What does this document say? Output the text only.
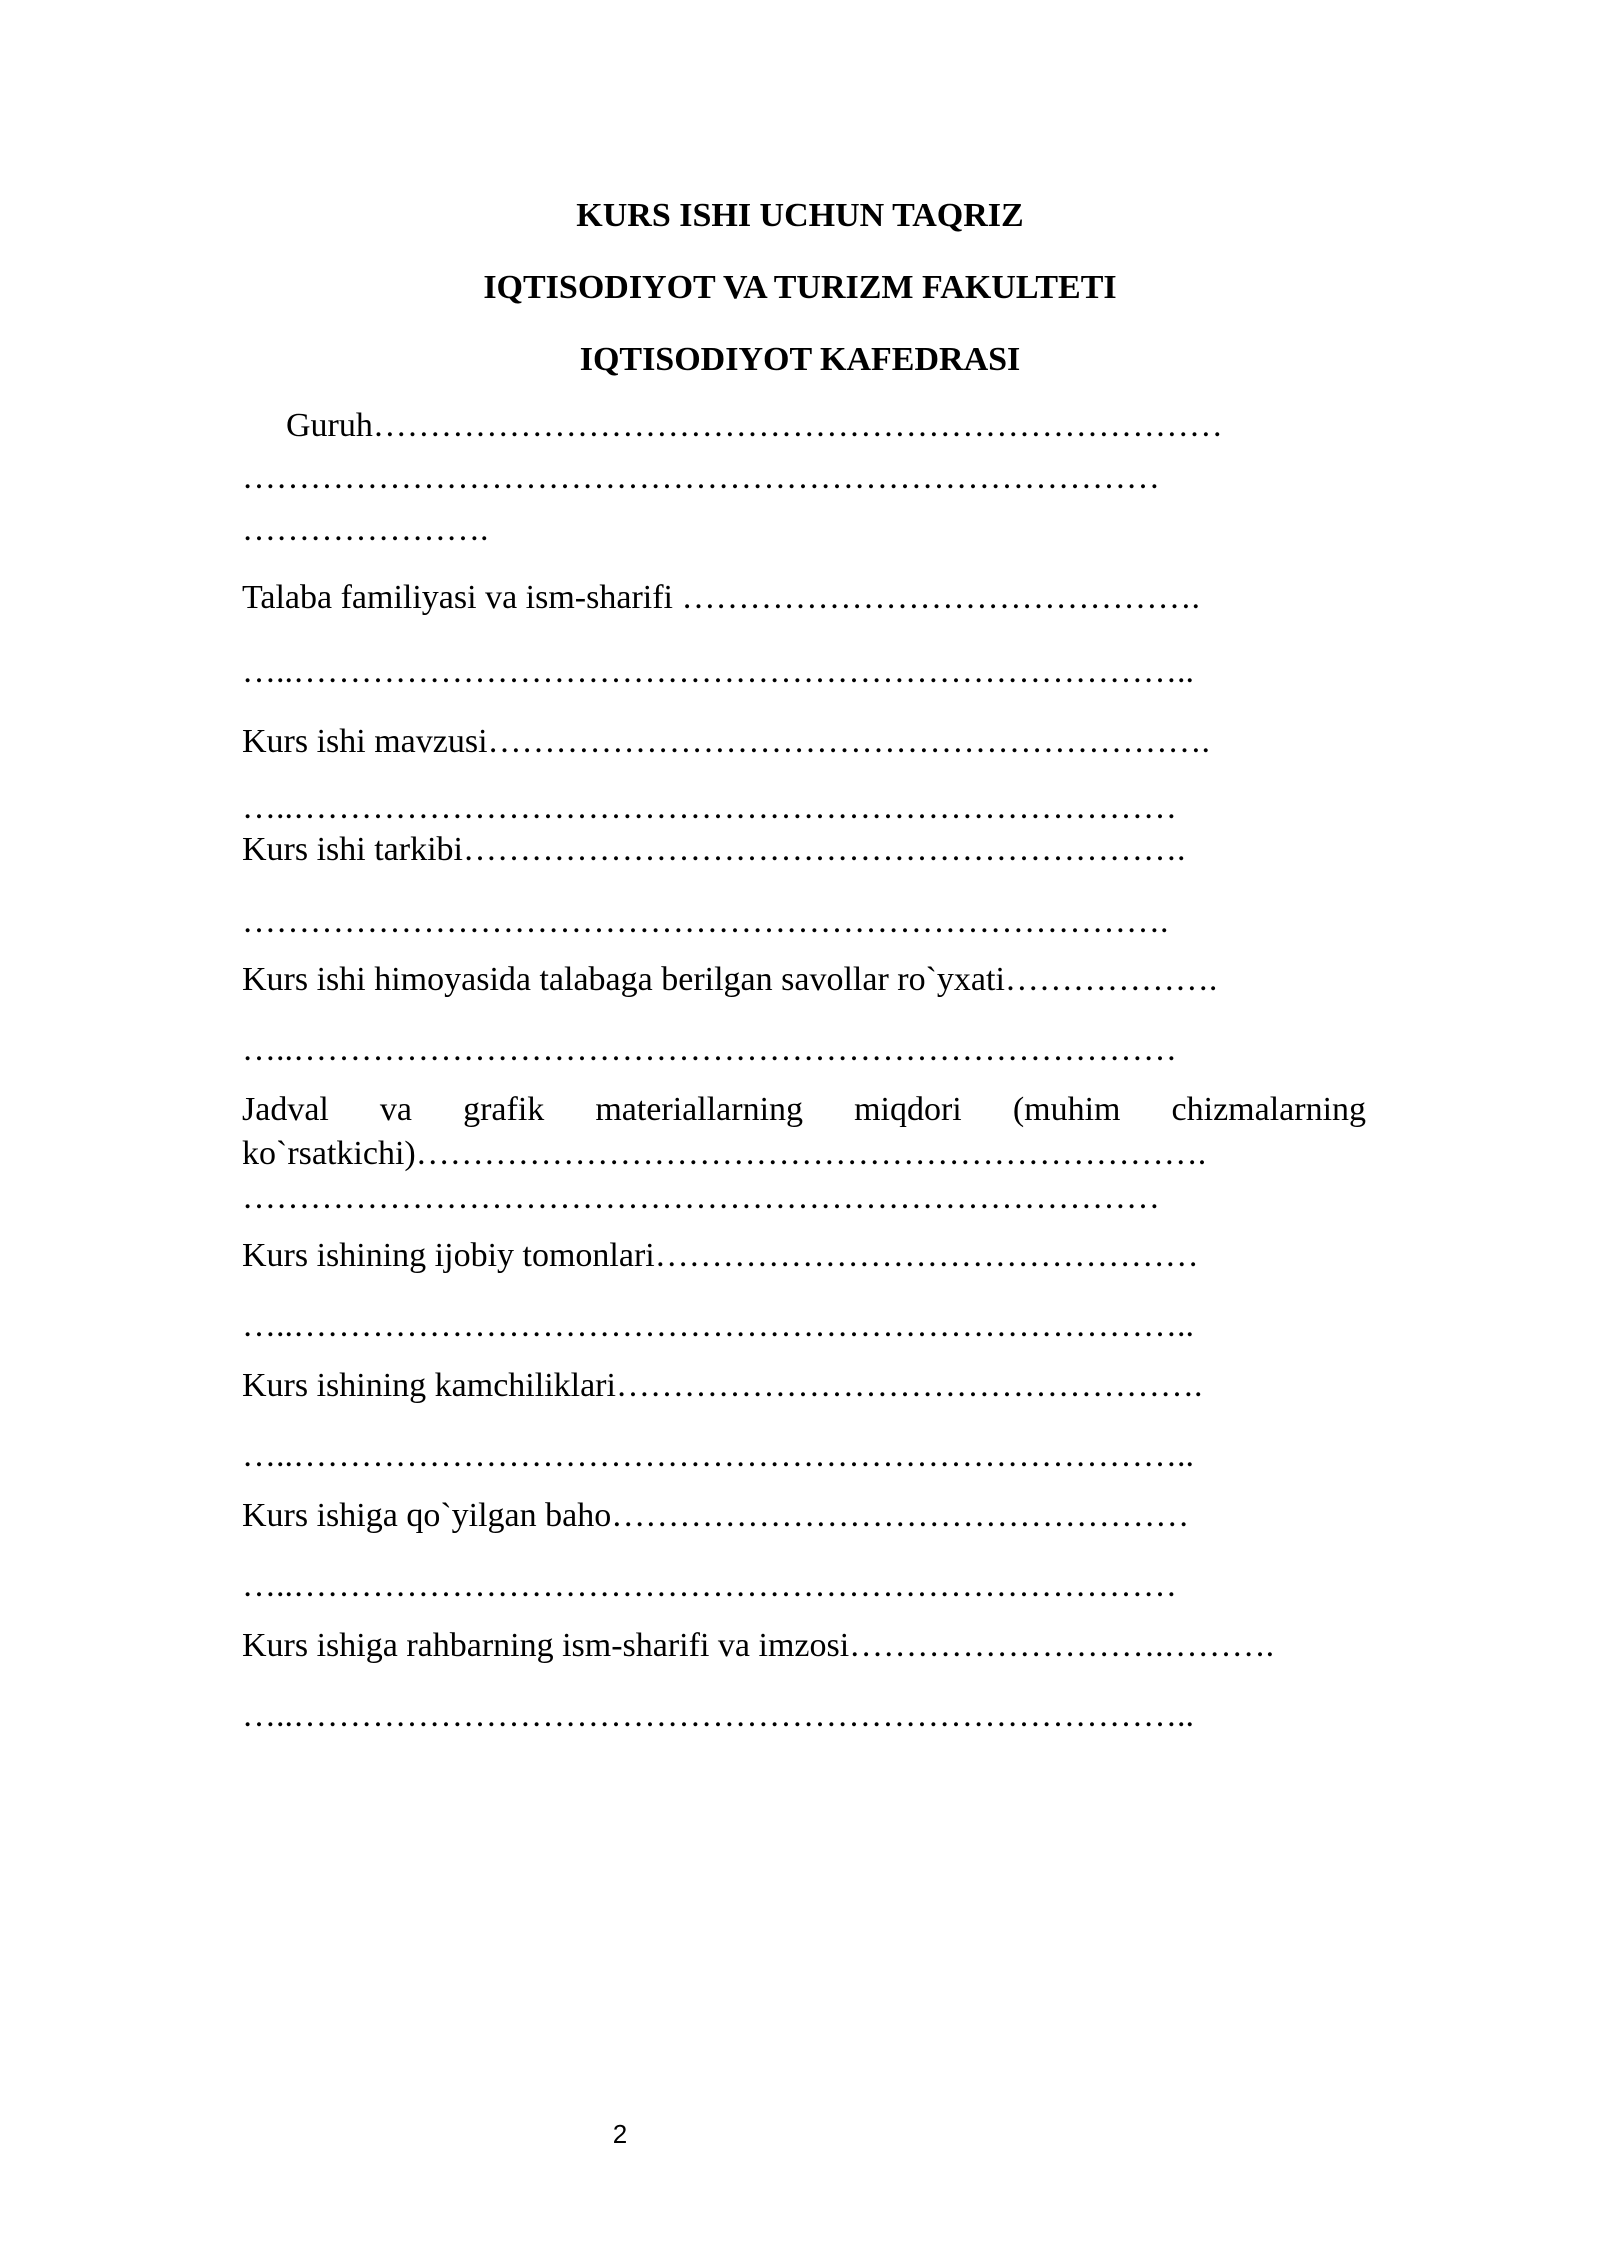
KURS ISHI UCHUN TAQRIZ
IQTISODIYOT VA TURIZM FAKULTETI
IQTISODIYOT KAFEDRASI
Guruh…………………………………………………………………
………………………………………………………………………
………………….
Talaba familiyasi va ism-sharifi ……………………………………….
…..……………………………………………………………………..
Kurs ishi mavzusi……………………………………………………….
…..……………………………………………………………………
Kurs ishi tarkibi……………………………………………………….
……………………………………………………………………….
Kurs ishi himoyasida talabaga berilgan savollar ro`yxati……………….
…..……………………………………………………………………
Jadval va grafik materiallarning miqdori (muhim chizmalarning
ko`rsatkichi)…………………………………………………………….
………………………………………………………………………
Kurs ishining ijobiy tomonlari…………………………………………
…..……………………………………………………………………..
Kurs ishining kamchiliklari…………………………………………….
…..……………………………………………………………………..
Kurs ishiga qo`yilgan baho……………………………………………
…..……………………………………………………………………
Kurs ishiga rahbarning ism-sharifi va imzosi……………………….……….
…..……………………………………………………………………..
2
